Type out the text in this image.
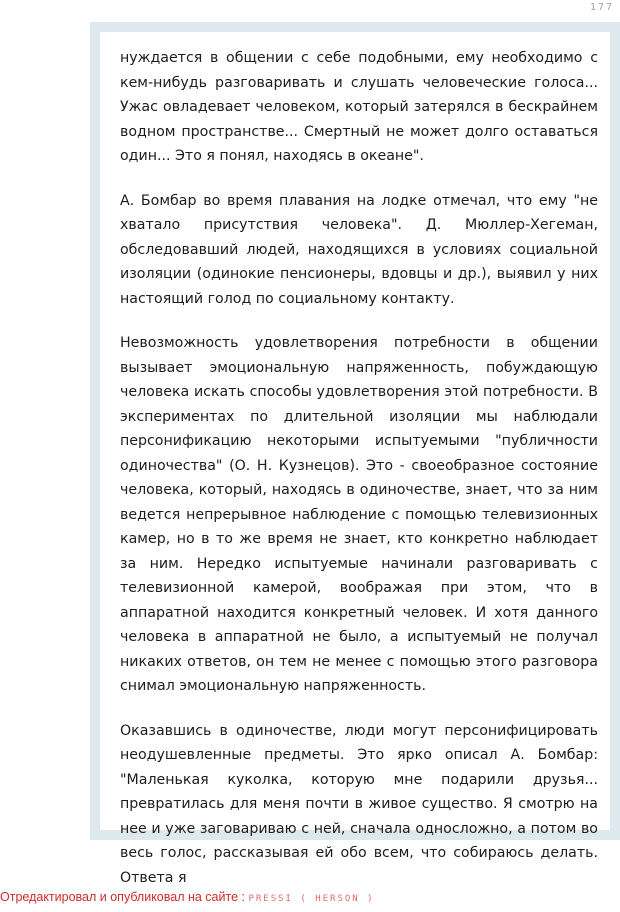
177

нуждается в общении с себе подобными, ему необходимо с кем-нибудь разговаривать и слушать человеческие голоса... Ужас овладевает человеком, который затерялся в бескрайнем водном пространстве... Смертный не может долго оставаться один... Это я понял, находясь в океане".

А. Бомбар во время плавания на лодке отмечал, что ему "не хватало присутствия человека". Д. Мюллер-Хегеман, обследовавший людей, находящихся в условиях социальной изоляции (одинокие пенсионеры, вдовцы и др.), выявил у них настоящий голод по социальному контакту.

Невозможность удовлетворения потребности в общении вызывает эмоциональную напряженность, побуждающую человека искать способы удовлетворения этой потребности. В экспериментах по длительной изоляции мы наблюдали персонификацию некоторыми испытуемыми "публичности одиночества" (О. Н. Кузнецов). Это - своеобразное состояние человека, который, находясь в одиночестве, знает, что за ним ведется непрерывное наблюдение с помощью телевизионных камер, но в то же время не знает, кто конкретно наблюдает за ним. Нередко испытуемые начинали разговаривать с телевизионной камерой, воображая при этом, что в аппаратной находится конкретный человек. И хотя данного человека в аппаратной не было, а испытуемый не получал никаких ответов, он тем не менее с помощью этого разговора снимал эмоциональную напряженность.

Оказавшись в одиночестве, люди могут персонифицировать неодушевленные предметы. Это ярко описал А. Бомбар: "Маленькая куколка, которую мне подарили друзья... превратилась для меня почти в живое существо. Я смотрю на нее и уже заговариваю с ней, сначала односложно, а потом во весь голос, рассказывая ей обо всем, что собираюсь делать. Ответа я

Отредактировал и опубликовал на сайте : PRESSI ( HERSON )
